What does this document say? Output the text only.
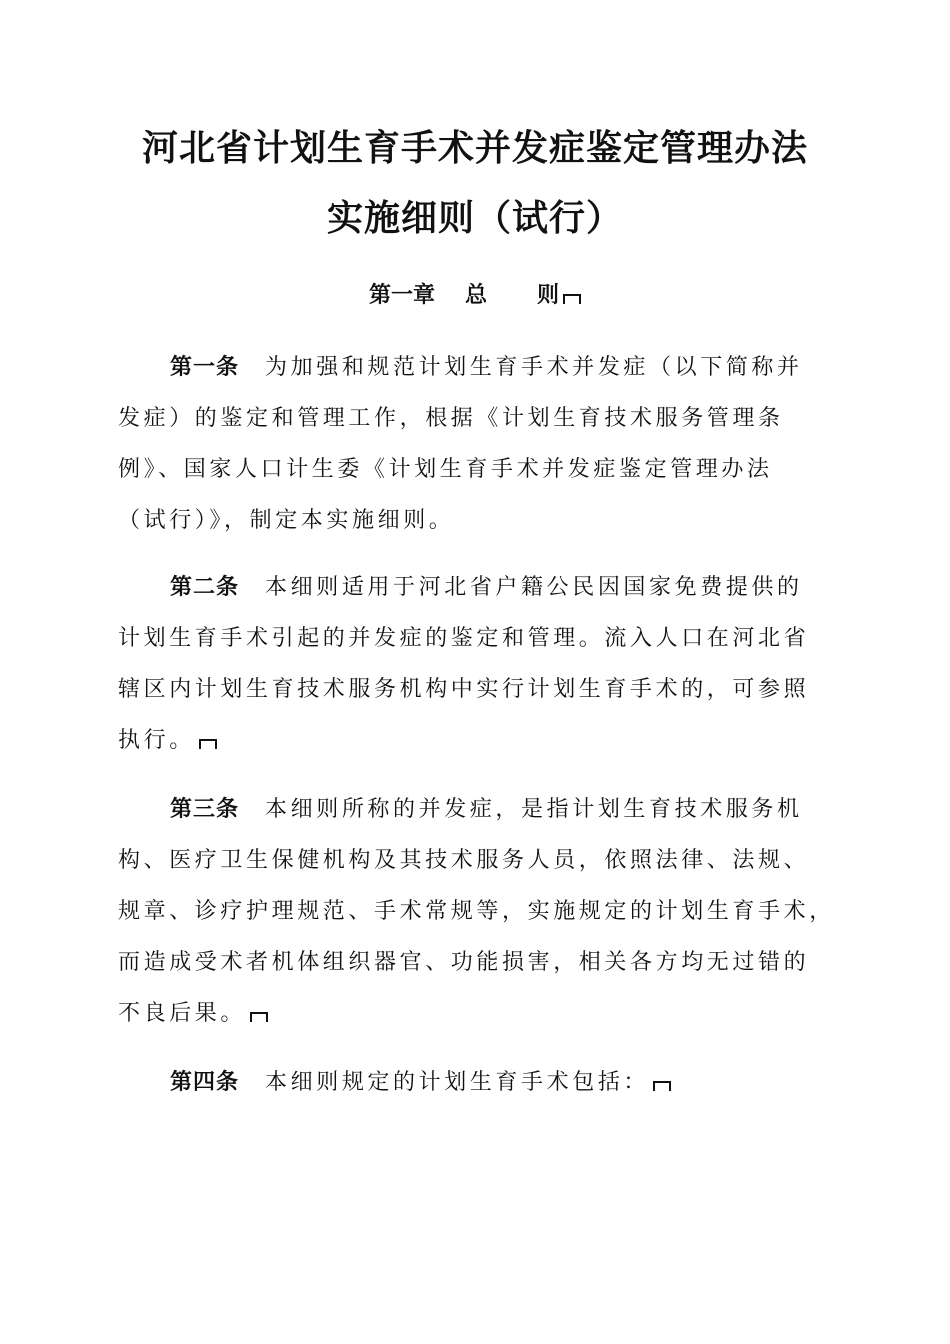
河北省计划生育手术并发症鉴定管理办法
实施细则（试行）
第一章 总 则
第一条 为加强和规范计划生育手术并发症（以下简称并
发症）的鉴定和管理工作，根据《计划生育技术服务管理条
例》、国家人口计生委《计划生育手术并发症鉴定管理办法
（试行）》，制定本实施细则。
第二条 本细则适用于河北省户籍公民因国家免费提供的
计划生育手术引起的并发症的鉴定和管理。流入人口在河北省
辖区内计划生育技术服务机构中实行计划生育手术的，可参照
执行。
第三条 本细则所称的并发症，是指计划生育技术服务机
构、医疗卫生保健机构及其技术服务人员，依照法律、法规、
规章、诊疗护理规范、手术常规等，实施规定的计划生育手术，
而造成受术者机体组织器官、功能损害，相关各方均无过错的
不良后果。
第四条 本细则规定的计划生育手术包括：
